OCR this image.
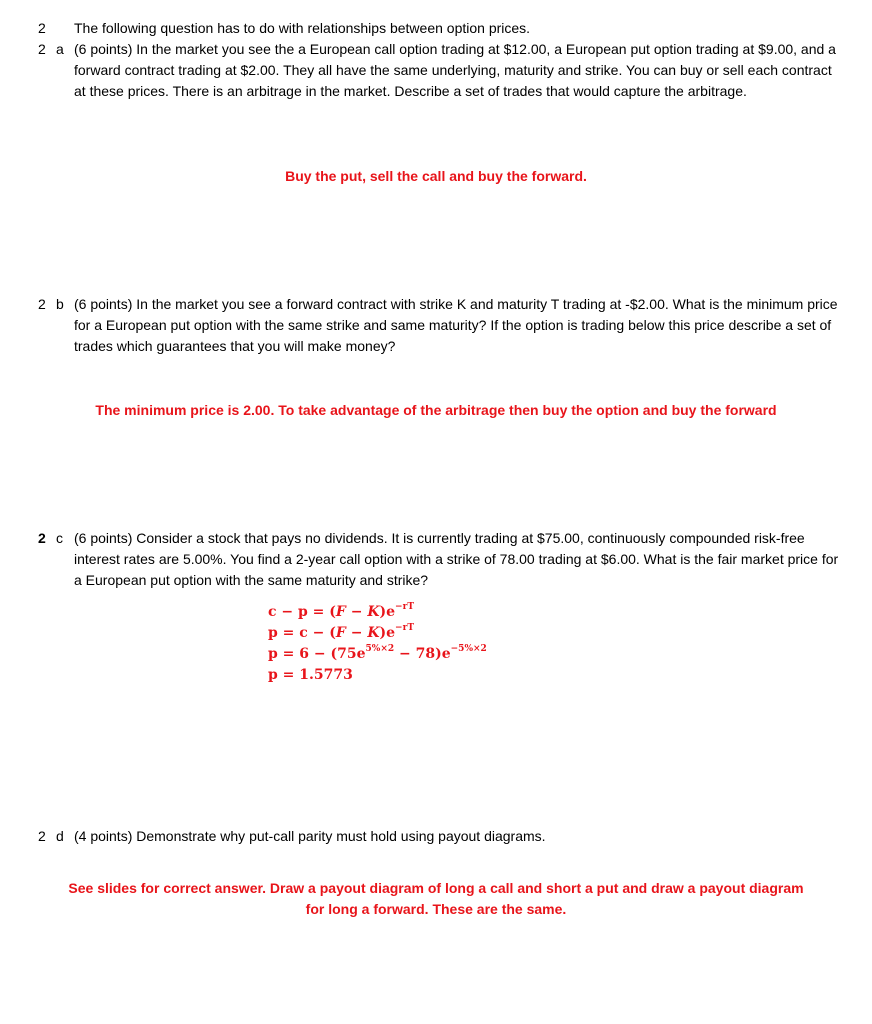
2 The following question has to do with relationships between option prices.
2 a (6 points) In the market you see the a European call option trading at $12.00, a European put option trading at $9.00, and a forward contract trading at $2.00. They all have the same underlying, maturity and strike. You can buy or sell each contract at these prices. There is an arbitrage in the market. Describe a set of trades that would capture the arbitrage.
Buy the put, sell the call and buy the forward.
2 b (6 points) In the market you see a forward contract with strike K and maturity T trading at -$2.00. What is the minimum price for a European put option with the same strike and same maturity? If the option is trading below this price describe a set of trades which guarantees that you will make money?
The minimum price is 2.00. To take advantage of the arbitrage then buy the option and buy the forward
2 c (6 points) Consider a stock that pays no dividends. It is currently trading at $75.00, continuously compounded risk-free interest rates are 5.00%. You find a 2-year call option with a strike of 78.00 trading at $6.00. What is the fair market price for a European put option with the same maturity and strike?
$c - p = (F - K)e^{-rT}$
$p = c - (F - K)e^{-rT}$
$p = 6 - (75e^{5\%\times 2} - 78)e^{-5\%\times 2}$
p = 1.5773
2 d (4 points) Demonstrate why put-call parity must hold using payout diagrams.
See slides for correct answer. Draw a payout diagram of long a call and short a put and draw a payout diagram
for long a forward. These are the same.
